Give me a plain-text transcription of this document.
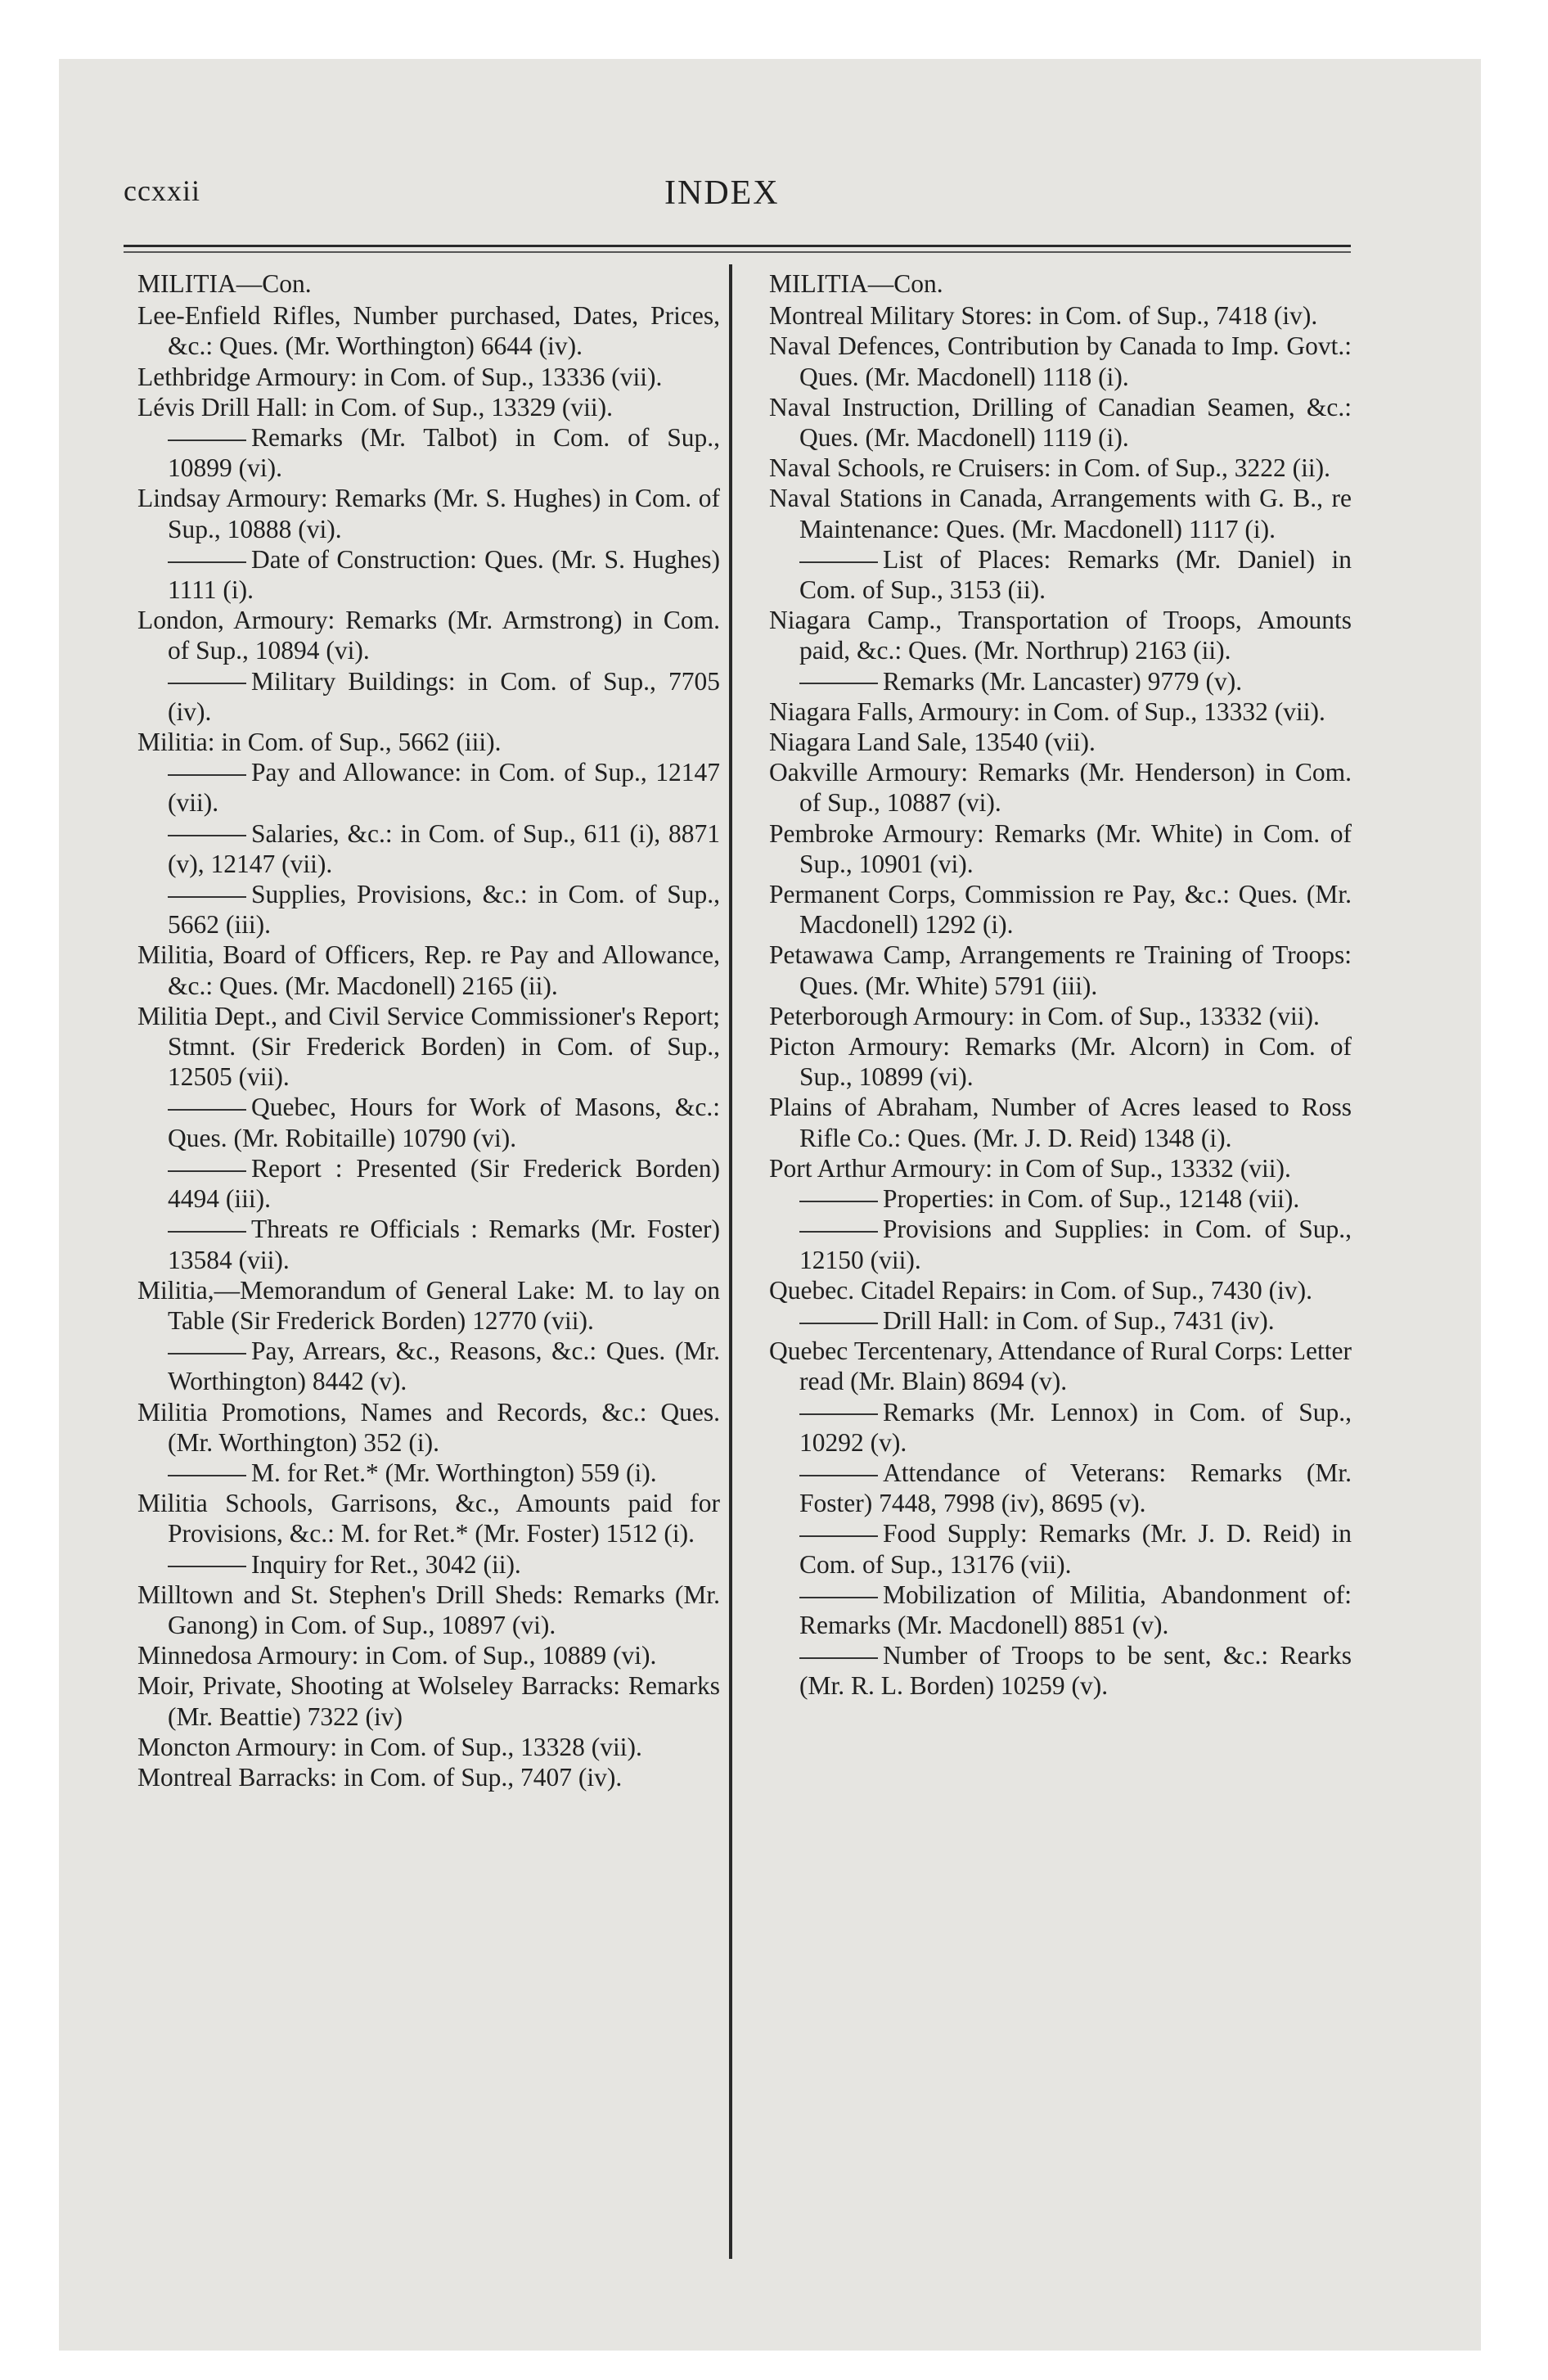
ccxxii	INDEX
MILITIA—Con.

Lee-Enfield Rifles, Number purchased, Dates, Prices, &c.: Ques. (Mr. Worthington) 6644 (iv).

Lethbridge Armoury: in Com. of Sup., 13336 (vii).

Lévis Drill Hall: in Com. of Sup., 13329 (vii).

Remarks (Mr. Talbot) in Com. of Sup., 10899 (vi).

Lindsay Armoury: Remarks (Mr. S. Hughes) in Com. of Sup., 10888 (vi).

Date of Construction: Ques. (Mr. S. Hughes) 1111 (i).

London, Armoury: Remarks (Mr. Armstrong) in Com. of Sup., 10894 (vi).

Military Buildings: in Com. of Sup., 7705 (iv).

Militia: in Com. of Sup., 5662 (iii).

Pay and Allowance: in Com. of Sup., 12147 (vii).

Salaries, &c.: in Com. of Sup., 611 (i), 8871 (v), 12147 (vii).

Supplies, Provisions, &c.: in Com. of Sup., 5662 (iii).

Militia, Board of Officers, Rep. re Pay and Allowance, &c.: Ques. (Mr. Macdonell) 2165 (ii).

Militia Dept., and Civil Service Commissioner's Report; Stmnt. (Sir Frederick Borden) in Com. of Sup., 12505 (vii).

Quebec, Hours for Work of Masons, &c.: Ques. (Mr. Robitaille) 10790 (vi).

Report : Presented (Sir Frederick Borden) 4494 (iii).

Threats re Officials : Remarks (Mr. Foster) 13584 (vii).

Militia,—Memorandum of General Lake: M. to lay on Table (Sir Frederick Borden) 12770 (vii).

Pay, Arrears, &c., Reasons, &c.: Ques. (Mr. Worthington) 8442 (v).

Militia Promotions, Names and Records, &c.: Ques. (Mr. Worthington) 352 (i).

M. for Ret.* (Mr. Worthington) 559 (i).

Militia Schools, Garrisons, &c., Amounts paid for Provisions, &c.: M. for Ret.* (Mr. Foster) 1512 (i).

Inquiry for Ret., 3042 (ii).

Milltown and St. Stephen's Drill Sheds: Remarks (Mr. Ganong) in Com. of Sup., 10897 (vi).

Minnedosa Armoury: in Com. of Sup., 10889 (vi).

Moir, Private, Shooting at Wolseley Barracks: Remarks (Mr. Beattie) 7322 (iv)

Moncton Armoury: in Com. of Sup., 13328 (vii).

Montreal Barracks: in Com. of Sup., 7407 (iv).

MILITIA—Con.

Montreal Military Stores: in Com. of Sup., 7418 (iv).

Naval Defences, Contribution by Canada to Imp. Govt.: Ques. (Mr. Macdonell) 1118 (i).

Naval Instruction, Drilling of Canadian Seamen, &c.: Ques. (Mr. Macdonell) 1119 (i).

Naval Schools, re Cruisers: in Com. of Sup., 3222 (ii).

Naval Stations in Canada, Arrangements with G. B., re Maintenance: Ques. (Mr. Macdonell) 1117 (i).

List of Places: Remarks (Mr. Daniel) in Com. of Sup., 3153 (ii).

Niagara Camp., Transportation of Troops, Amounts paid, &c.: Ques. (Mr. Northrup) 2163 (ii).

Remarks (Mr. Lancaster) 9779 (v).

Niagara Falls, Armoury: in Com. of Sup., 13332 (vii).

Niagara Land Sale, 13540 (vii).

Oakville Armoury: Remarks (Mr. Henderson) in Com. of Sup., 10887 (vi).

Pembroke Armoury: Remarks (Mr. White) in Com. of Sup., 10901 (vi).

Permanent Corps, Commission re Pay, &c.: Ques. (Mr. Macdonell) 1292 (i).

Petawawa Camp, Arrangements re Training of Troops: Ques. (Mr. White) 5791 (iii).

Peterborough Armoury: in Com. of Sup., 13332 (vii).

Picton Armoury: Remarks (Mr. Alcorn) in Com. of Sup., 10899 (vi).

Plains of Abraham, Number of Acres leased to Ross Rifle Co.: Ques. (Mr. J. D. Reid) 1348 (i).

Port Arthur Armoury: in Com of Sup., 13332 (vii).

Properties: in Com. of Sup., 12148 (vii).

Provisions and Supplies: in Com. of Sup., 12150 (vii).

Quebec. Citadel Repairs: in Com. of Sup., 7430 (iv).

Drill Hall: in Com. of Sup., 7431 (iv).

Quebec Tercentenary, Attendance of Rural Corps: Letter read (Mr. Blain) 8694 (v).

Remarks (Mr. Lennox) in Com. of Sup., 10292 (v).

Attendance of Veterans: Remarks (Mr. Foster) 7448, 7998 (iv), 8695 (v).

Food Supply: Remarks (Mr. J. D. Reid) in Com. of Sup., 13176 (vii).

Mobilization of Militia, Abandonment of: Remarks (Mr. Macdonell) 8851 (v).

Number of Troops to be sent, &c.: Rearks (Mr. R. L. Borden) 10259 (v).
